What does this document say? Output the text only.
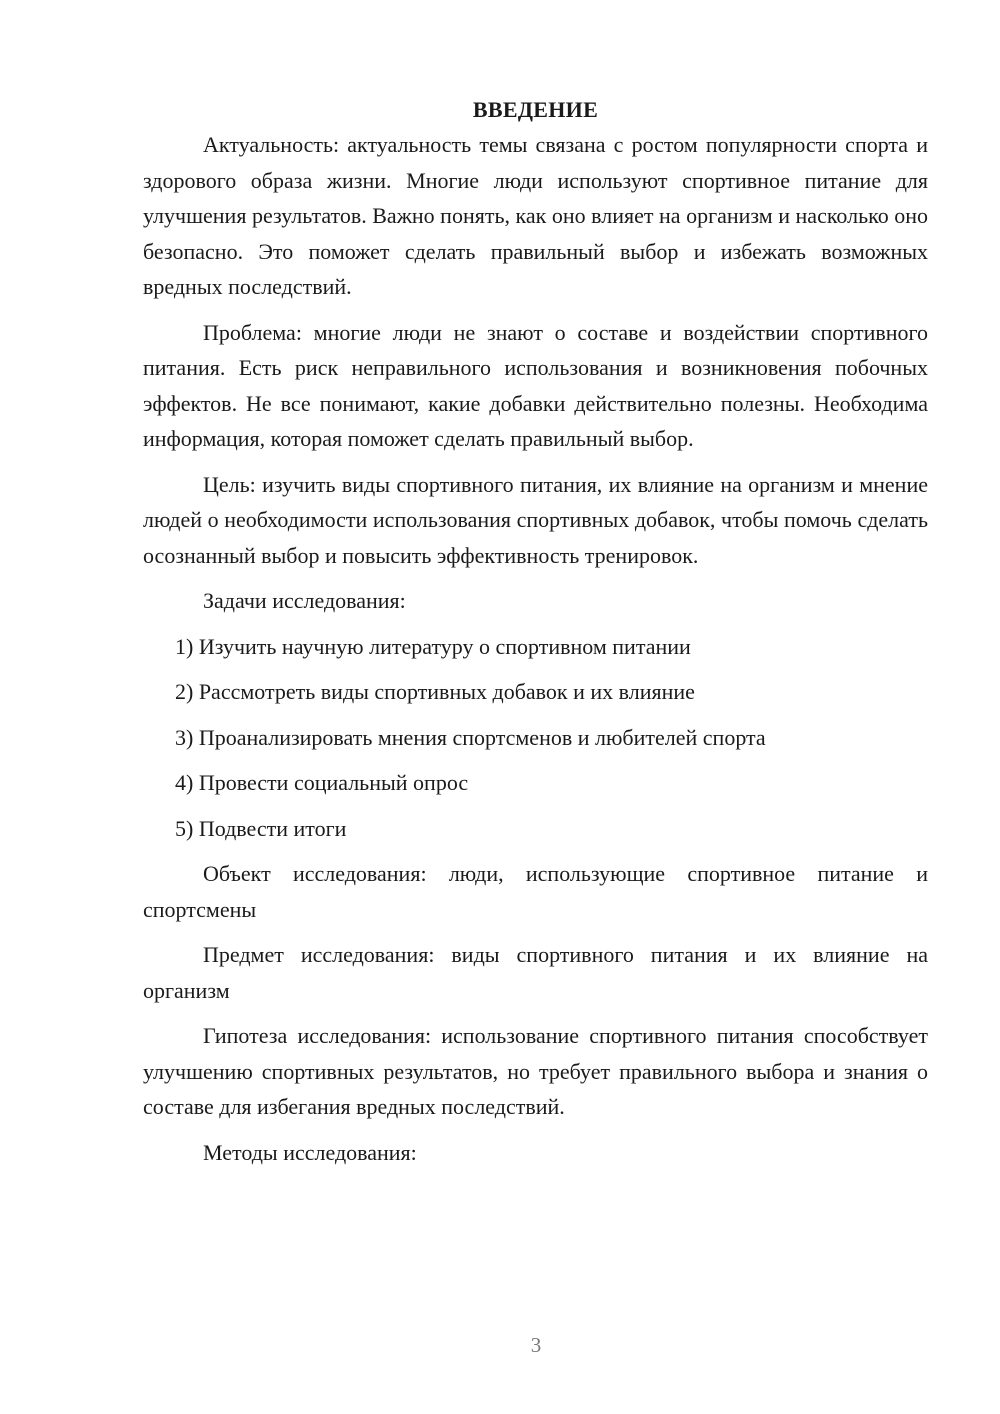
ВВЕДЕНИЕ

Актуальность: актуальность темы связана с ростом популярности спорта и здорового образа жизни. Многие люди используют спортивное питание для улучшения результатов. Важно понять, как оно влияет на организм и насколько оно безопасно. Это поможет сделать правильный выбор и избежать возможных вредных последствий.

Проблема: многие люди не знают о составе и воздействии спортивного питания. Есть риск неправильного использования и возникновения побочных эффектов. Не все понимают, какие добавки действительно полезны. Необходима информация, которая поможет сделать правильный выбор.

Цель: изучить виды спортивного питания, их влияние на организм и мнение людей о необходимости использования спортивных добавок, чтобы помочь сделать осознанный выбор и повысить эффективность тренировок.

Задачи исследования:

1) Изучить научную литературу о спортивном питании

2) Рассмотреть виды спортивных добавок и их влияние

3) Проанализировать мнения спортсменов и любителей спорта

4) Провести социальный опрос

5) Подвести итоги

Объект исследования: люди, использующие спортивное питание и спортсмены

Предмет исследования: виды спортивного питания и их влияние на организм

Гипотеза исследования: использование спортивного питания способствует улучшению спортивных результатов, но требует правильного выбора и знания о составе для избегания вредных последствий.

Методы исследования:

3
